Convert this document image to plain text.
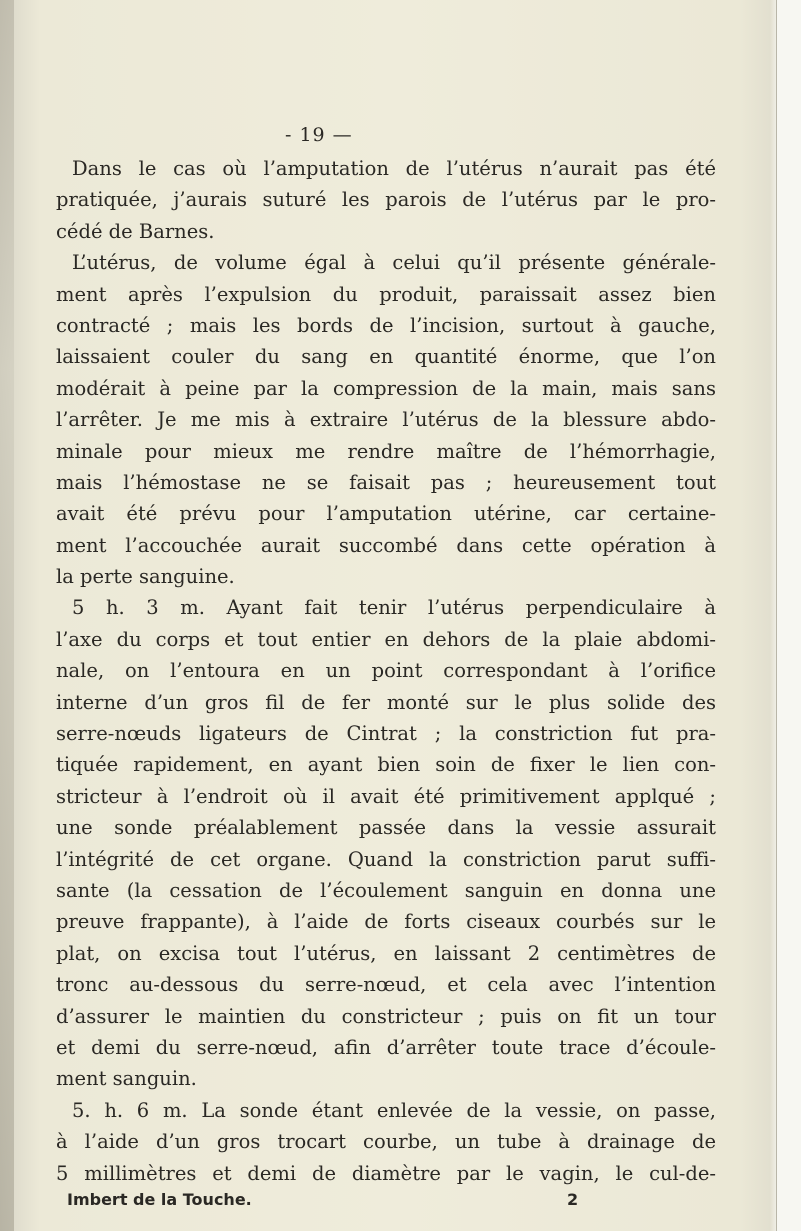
- 19 —
Dans le cas où l’amputation de l’utérus n’aurait pas été
pratiquée, j’aurais suturé les parois de l’utérus par le pro-
cédé de Barnes.
L’utérus, de volume égal à celui qu’il présente générale-
ment après l’expulsion du produit, paraissait assez bien
contracté ; mais les bords de l’incision, surtout à gauche,
laissaient couler du sang en quantité énorme, que l’on
modérait à peine par la compression de la main, mais sans
l’arrêter. Je me mis à extraire l’utérus de la blessure abdo-
minale pour mieux me rendre maître de l’hémorrhagie,
mais l’hémostase ne se faisait pas ; heureusement tout
avait été prévu pour l’amputation utérine, car certaine-
ment l’accouchée aurait succombé dans cette opération à
la perte sanguine.
5 h. 3 m. Ayant fait tenir l’utérus perpendiculaire à
l’axe du corps et tout entier en dehors de la plaie abdomi-
nale, on l’entoura en un point correspondant à l’orifice
interne d’un gros fil de fer monté sur le plus solide des
serre-nœuds ligateurs de Cintrat ; la constriction fut pra-
tiquée rapidement, en ayant bien soin de fixer le lien con-
stricteur à l’endroit où il avait été primitivement applqué ;
une sonde préalablement passée dans la vessie assurait
l’intégrité de cet organe. Quand la constriction parut suffi-
sante (la cessation de l’écoulement sanguin en donna une
preuve frappante), à l’aide de forts ciseaux courbés sur le
plat, on excisa tout l’utérus, en laissant 2 centimètres de
tronc au-dessous du serre-nœud, et cela avec l’intention
d’assurer le maintien du constricteur ; puis on fit un tour
et demi du serre-nœud, afin d’arrêter toute trace d’écoule-
ment sanguin.
5. h. 6 m. La sonde étant enlevée de la vessie, on passe,
à l’aide d’un gros trocart courbe, un tube à drainage de
5 millimètres et demi de diamètre par le vagin, le cul-de-
Imbert de la Touche.	2
